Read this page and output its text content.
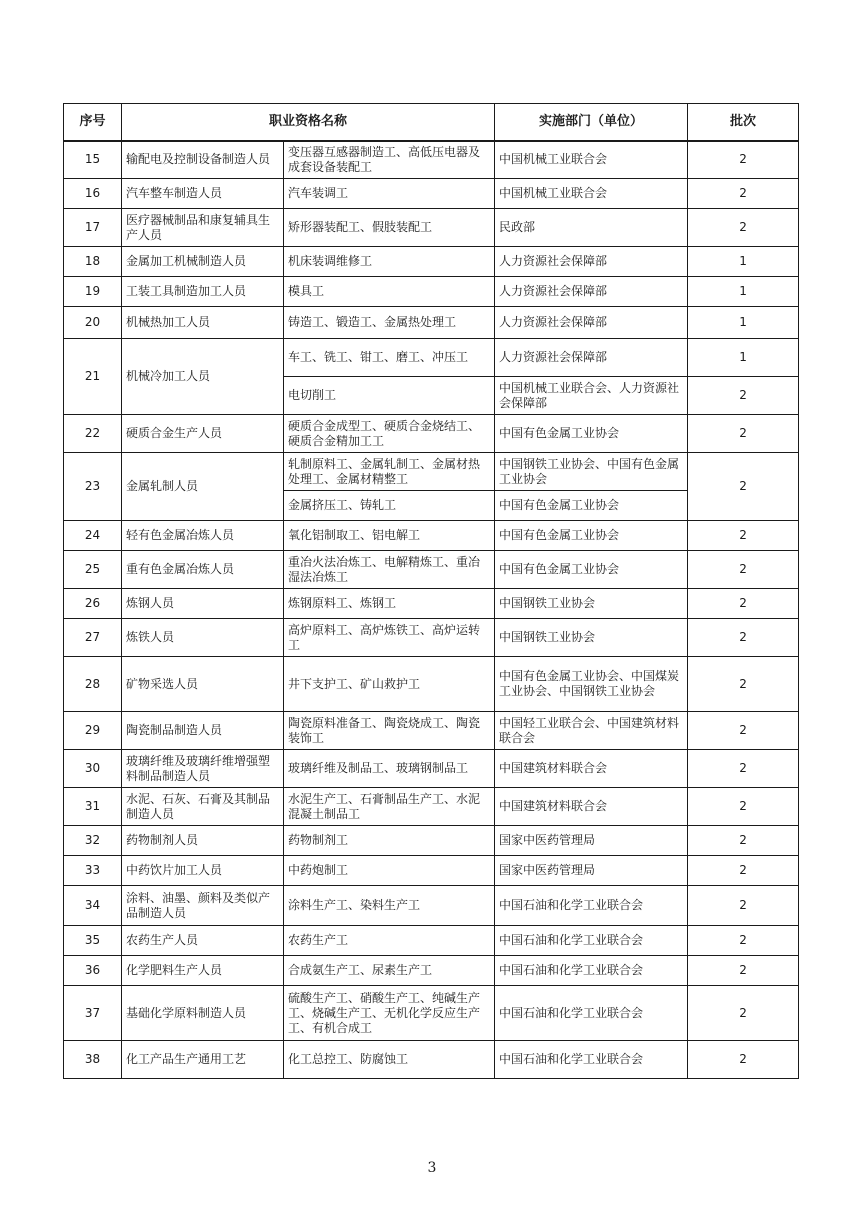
序号	职业资格名称		实施部门（单位）	批次
15	输配电及控制设备制造人员	变压器互感器制造工、高低压电器及成套设备装配工	中国机械工业联合会	2
16	汽车整车制造人员	汽车装调工	中国机械工业联合会	2
17	医疗器械制品和康复辅具生产人员	矫形器装配工、假肢装配工	民政部	2
18	金属加工机械制造人员	机床装调维修工	人力资源社会保障部	1
19	工装工具制造加工人员	模具工	人力资源社会保障部	1
20	机械热加工人员	铸造工、锻造工、金属热处理工	人力资源社会保障部	1
21	机械冷加工人员	车工、铣工、钳工、磨工、冲压工	人力资源社会保障部	1
		电切削工	中国机械工业联合会、人力资源社会保障部	2
22	硬质合金生产人员	硬质合金成型工、硬质合金烧结工、硬质合金精加工工	中国有色金属工业协会	2
23	金属轧制人员	轧制原料工、金属轧制工、金属材热处理工、金属材精整工	中国钢铁工业协会、中国有色金属工业协会	2
		金属挤压工、铸轧工	中国有色金属工业协会	
24	轻有色金属冶炼人员	氧化铝制取工、铝电解工	中国有色金属工业协会	2
25	重有色金属冶炼人员	重冶火法冶炼工、电解精炼工、重冶湿法冶炼工	中国有色金属工业协会	2
26	炼钢人员	炼钢原料工、炼钢工	中国钢铁工业协会	2
27	炼铁人员	高炉原料工、高炉炼铁工、高炉运转工	中国钢铁工业协会	2
28	矿物采选人员	井下支护工、矿山救护工	中国有色金属工业协会、中国煤炭工业协会、中国钢铁工业协会	2
29	陶瓷制品制造人员	陶瓷原料准备工、陶瓷烧成工、陶瓷装饰工	中国轻工业联合会、中国建筑材料联合会	2
30	玻璃纤维及玻璃纤维增强塑料制品制造人员	玻璃纤维及制品工、玻璃钢制品工	中国建筑材料联合会	2
31	水泥、石灰、石膏及其制品制造人员	水泥生产工、石膏制品生产工、水泥混凝土制品工	中国建筑材料联合会	2
32	药物制剂人员	药物制剂工	国家中医药管理局	2
33	中药饮片加工人员	中药炮制工	国家中医药管理局	2
34	涂料、油墨、颜料及类似产品制造人员	涂料生产工、染料生产工	中国石油和化学工业联合会	2
35	农药生产人员	农药生产工	中国石油和化学工业联合会	2
36	化学肥料生产人员	合成氨生产工、尿素生产工	中国石油和化学工业联合会	2
37	基础化学原料制造人员	硫酸生产工、硝酸生产工、纯碱生产工、烧碱生产工、无机化学反应生产工、有机合成工	中国石油和化学工业联合会	2
38	化工产品生产通用工艺	化工总控工、防腐蚀工	中国石油和化学工业联合会	2
3
